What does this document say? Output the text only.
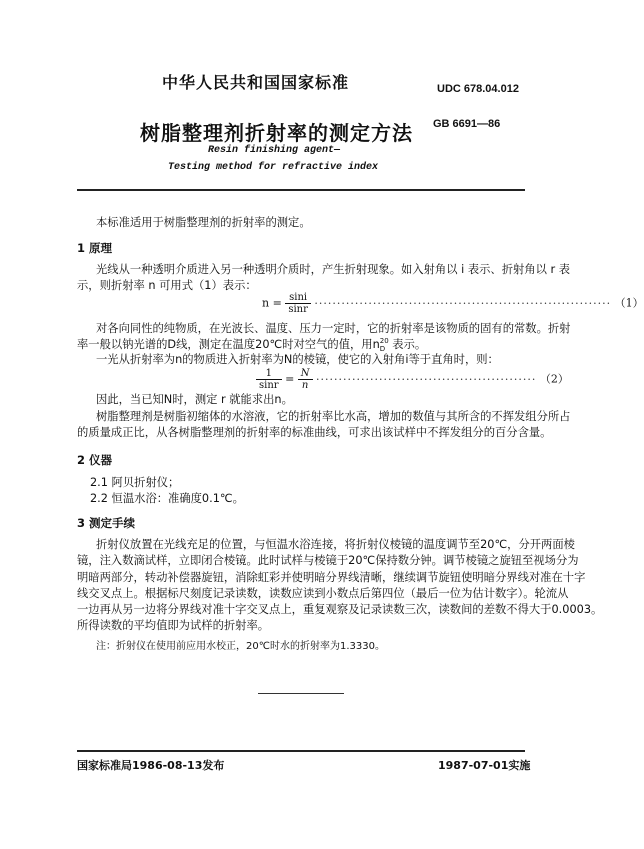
中华人民共和国国家标准	UDC 678.04.012
树脂整理剂折射率的测定方法 GB 6691—86
Resin finishing agent—
Testing method for refractive index
本标准适用于树脂整理剂的折射率的测定。
1 原理
光线从一种透明介质进入另一种透明介质时，产生折射现象。如入射角以 i 表示、折射角以 r 表
示，则折射率 n 可用式（1）表示：
$n = \frac{\sin i}{\sin r}$ ·································································· （1）
对各向同性的纯物质，在光波长、温度、压力一定时，它的折射率是该物质的固有的常数。折射
率一般以钠光谱的D线，测定在温度20℃时对空气的值，用n 20
D 表示。
一光从折射率为n的物质进入折射率为N的棱镜，使它的入射角i等于直角时，则：
$\frac{1}{\sin r} = \frac{N}{n}$ ················································· （2）
因此，当已知N时，测定 r 就能求出n。
树脂整理剂是树脂初缩体的水溶液，它的折射率比水高，增加的数值与其所含的不挥发组分所占
的质量成正比，从各树脂整理剂的折射率的标准曲线，可求出该试样中不挥发组分的百分含量。
2 仪器
2.1 阿贝折射仪；
2.2 恒温水浴：准确度0.1℃。
3 测定手续
折射仪放置在光线充足的位置，与恒温水浴连接，将折射仪棱镜的温度调节至20℃，分开两面棱
镜，注入数滴试样，立即闭合棱镜。此时试样与棱镜于20℃保持数分钟。调节棱镜之旋钮至视场分为
明暗两部分，转动补偿器旋钮，消除虹彩并使明暗分界线清晰，继续调节旋钮使明暗分界线对准在十字
线交叉点上。根据标尺刻度记录读数，读数应读到小数点后第四位（最后一位为估计数字）。轮流从
一边再从另一边将分界线对准十字交叉点上，重复观察及记录读数三次，读数间的差数不得大于0.0003。
所得读数的平均值即为试样的折射率。
注：折射仪在使用前应用水校正，20℃时水的折射率为1.3330。
国家标准局1986-08-13发布	1987-07-01实施
